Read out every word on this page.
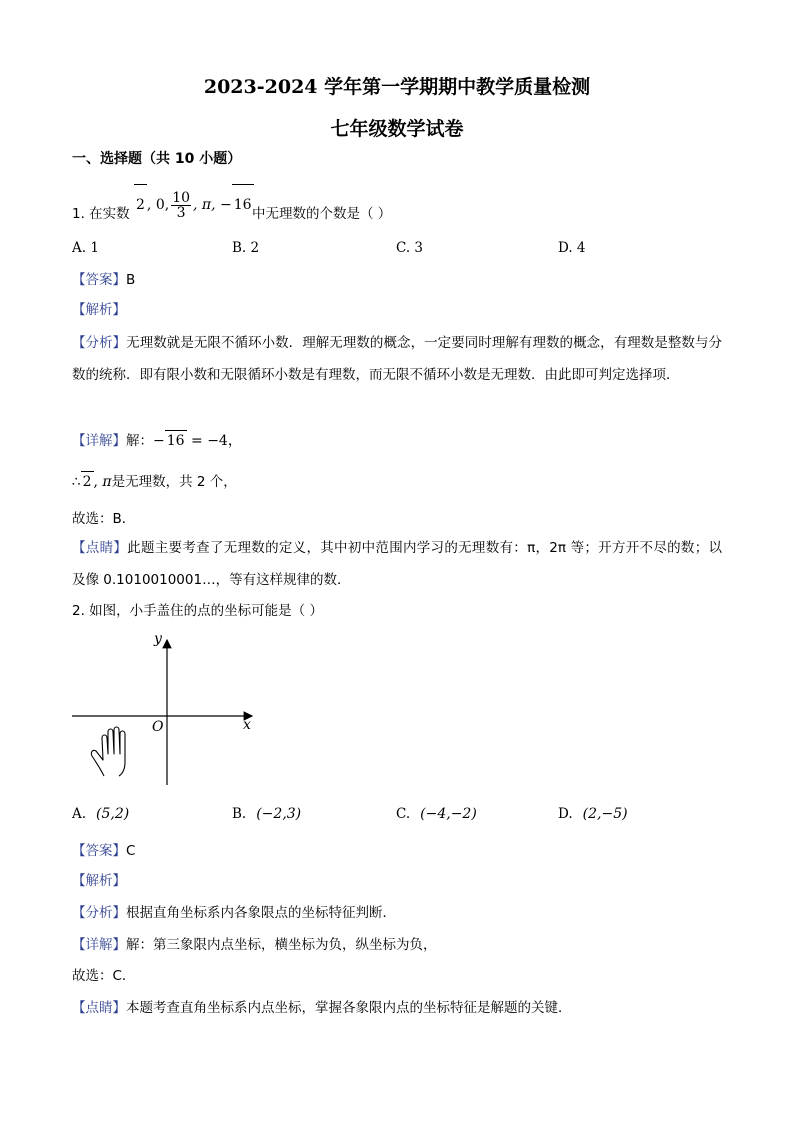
2023-2024 学年第一学期期中教学质量检测
七年级数学试卷
一、选择题（共 10 小题）
1. 在实数
2 , 0, $\frac{10}{3}$ , π, − 16
中无理数的个数是（ ）
A. 1	B. 2	C. 3	D. 4
【答案】B
【解析】
【分析】无理数就是无限不循环小数．理解无理数的概念，一定要同时理解有理数的概念，有理数是整数与分数的统称．即有限小数和无限循环小数是有理数，而无限不循环小数是无理数．由此即可判定选择项．
【详解】解：− 16 = −4，
∴ 2 , π是无理数，共 2 个，
故选：B．
【点睛】此题主要考查了无理数的定义，其中初中范围内学习的无理数有：π，2π 等；开方开不尽的数；以及像 0.1010010001…，等有这样规律的数．
2. 如图，小手盖住的点的坐标可能是（ ）
y
x
O
A. (5,2)	B. (−2,3)	C. (−4,−2)	D. (2,−5)
【答案】C
【解析】
【分析】根据直角坐标系内各象限点的坐标特征判断．
【详解】解：第三象限内点坐标，横坐标为负，纵坐标为负，
故选：C．
【点睛】本题考查直角坐标系内点坐标，掌握各象限内点的坐标特征是解题的关键．
